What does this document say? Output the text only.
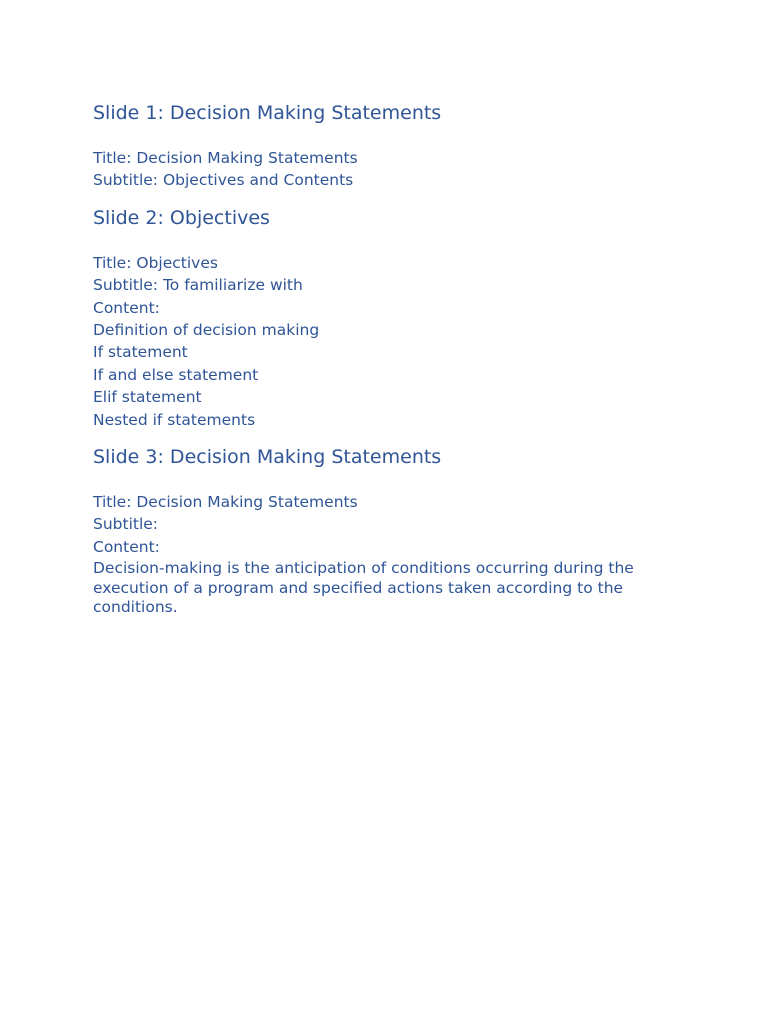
Slide 1: Decision Making Statements
Title: Decision Making Statements
Subtitle: Objectives and Contents
Slide 2: Objectives
Title: Objectives
Subtitle: To familiarize with
Content:
Definition of decision making
If statement
If and else statement
Elif statement
Nested if statements
Slide 3: Decision Making Statements
Title: Decision Making Statements
Subtitle:
Content:
Decision-making is the anticipation of conditions occurring during the execution of a program and specified actions taken according to the conditions.
